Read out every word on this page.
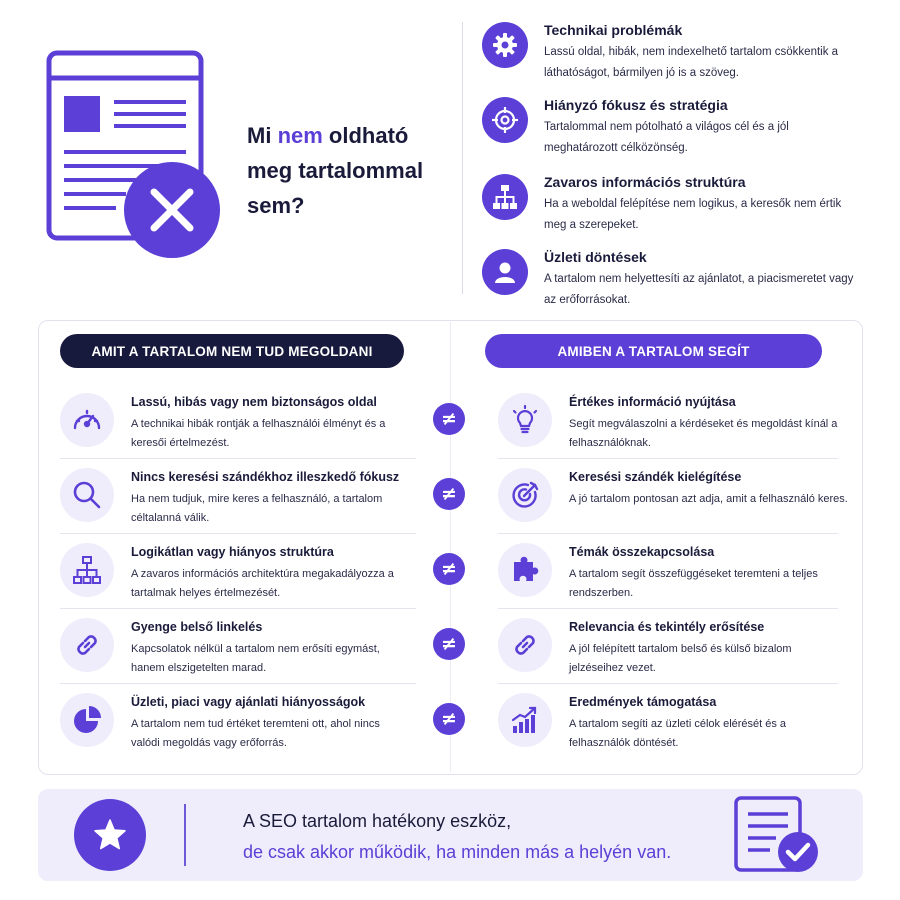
Mi nem oldható meg tartalommal sem?
Technikai problémák
Lassú oldal, hibák, nem indexelhető tartalom csökkentik a láthatóságot, bármilyen jó is a szöveg.
Hiányzó fókusz és stratégia
Tartalommal nem pótolható a világos cél és a jól meghatározott célközönség.
Zavaros információs struktúra
Ha a weboldal felépítése nem logikus, a keresők nem értik meg a szerepeket.
Üzleti döntések
A tartalom nem helyettesíti az ajánlatot, a piacismeretet vagy az erőforrásokat.
AMIT A TARTALOM NEM TUD MEGOLDANI	AMIBEN A TARTALOM SEGÍT
Lassú, hibás vagy nem biztonságos oldal
A technikai hibák rontják a felhasználói élményt és a keresői értelmezést.
Nincs keresési szándékhoz illeszkedő fókusz
Ha nem tudjuk, mire keres a felhasználó, a tartalom céltalanná válik.
Logikátlan vagy hiányos struktúra
A zavaros információs architektúra megakadályozza a tartalmak helyes értelmezését.
Gyenge belső linkelés
Kapcsolatok nélkül a tartalom nem erősíti egymást, hanem elszigetelten marad.
Üzleti, piaci vagy ajánlati hiányosságok
A tartalom nem tud értéket teremteni ott, ahol nincs valódi megoldás vagy erőforrás.
≠
≠
≠
≠
≠
Értékes információ nyújtása
Segít megválaszolni a kérdéseket és megoldást kínál a felhasználóknak.
Keresési szándék kielégítése
A jó tartalom pontosan azt adja, amit a felhasználó keres.
Témák összekapcsolása
A tartalom segít összefüggéseket teremteni a teljes rendszerben.
Relevancia és tekintély erősítése
A jól felépített tartalom belső és külső bizalom jelzéseihez vezet.
Eredmények támogatása
A tartalom segíti az üzleti célok elérését és a felhasználók döntését.
A SEO tartalom hatékony eszköz,
de csak akkor működik, ha minden más a helyén van.
